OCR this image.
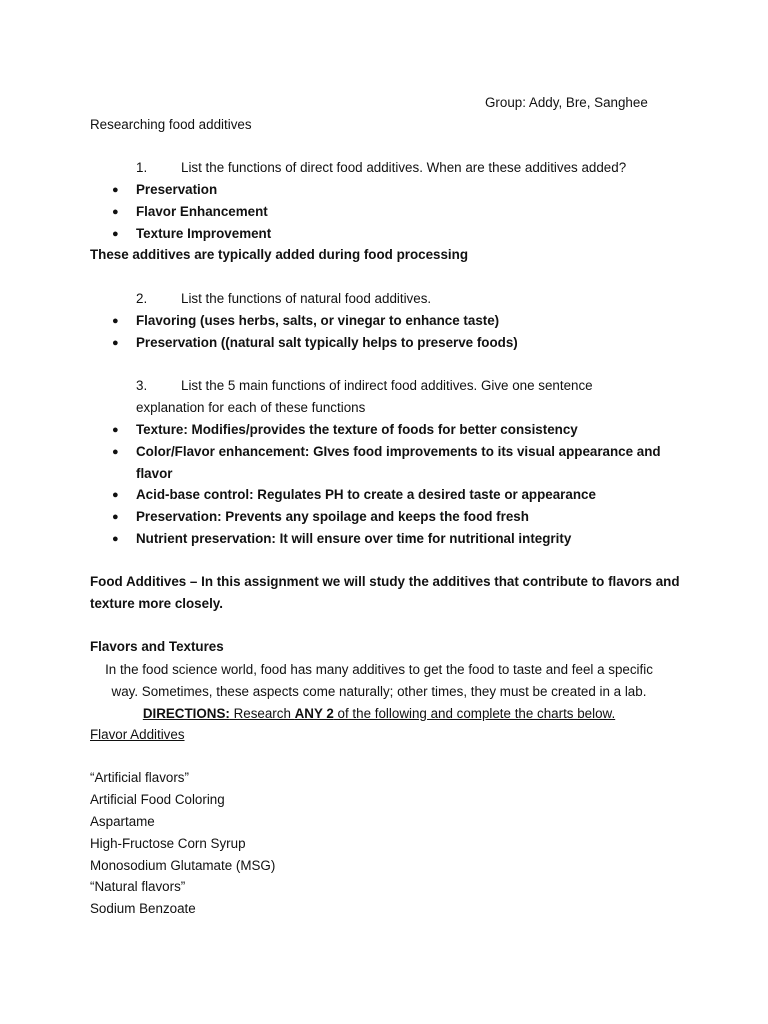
Group: Addy, Bre, Sanghee
Researching food additives
1.	List the functions of direct food additives. When are these additives added?
●	Preservation
●	Flavor Enhancement
●	Texture Improvement
These additives are typically added during food processing
2.	List the functions of natural food additives.
●	Flavoring (uses herbs, salts, or vinegar to enhance taste)
●	Preservation ((natural salt typically helps to preserve foods)
3.	List the 5 main functions of indirect food additives. Give one sentence
explanation for each of these functions
●	Texture: Modifies/provides the texture of foods for better consistency
●	Color/Flavor enhancement: GIves food improvements to its visual appearance and
flavor
●	Acid-base control: Regulates PH to create a desired taste or appearance
●	Preservation: Prevents any spoilage and keeps the food fresh
●	Nutrient preservation: It will ensure over time for nutritional integrity
Food Additives – In this assignment we will study the additives that contribute to flavors and
texture more closely.
Flavors and Textures
In the food science world, food has many additives to get the food to taste and feel a specific
way. Sometimes, these aspects come naturally; other times, they must be created in a lab.
DIRECTIONS: Research ANY 2 of the following and complete the charts below.
Flavor Additives
“Artificial flavors”
Artificial Food Coloring
Aspartame
High-Fructose Corn Syrup
Monosodium Glutamate (MSG)
“Natural flavors”
Sodium Benzoate
